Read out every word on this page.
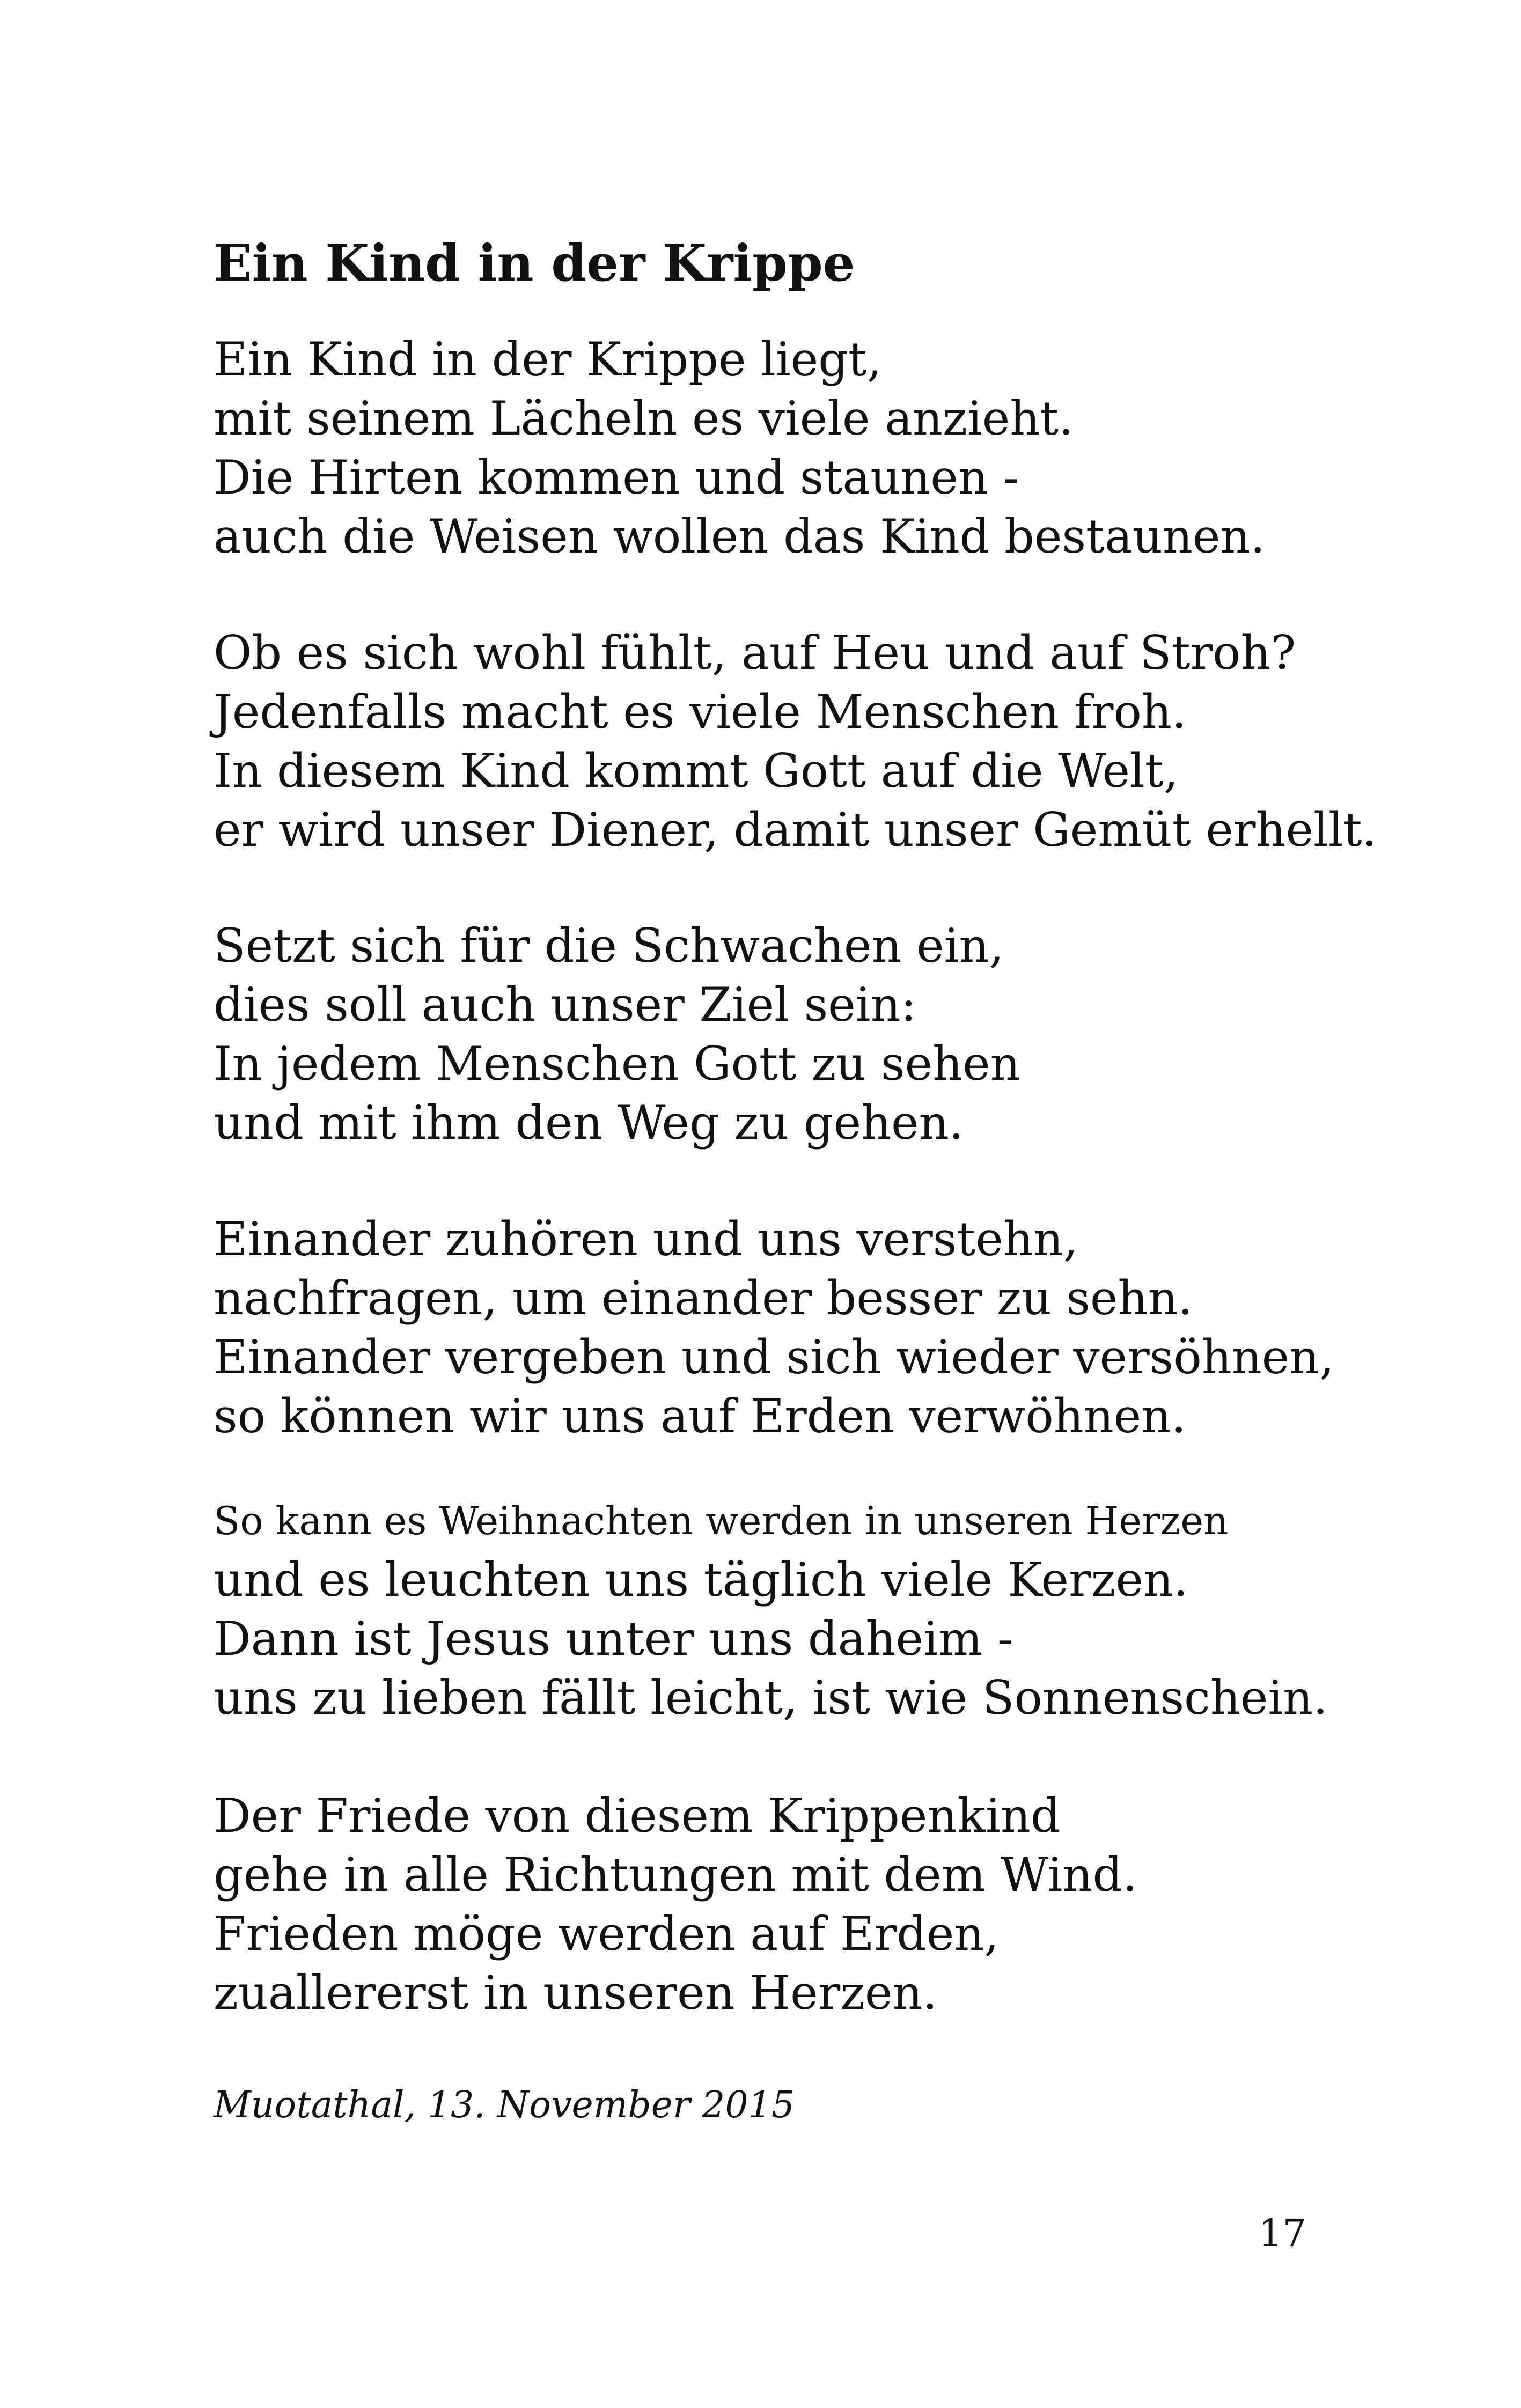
Ein Kind in der Krippe
Ein Kind in der Krippe liegt,
mit seinem Lächeln es viele anzieht.
Die Hirten kommen und staunen -
auch die Weisen wollen das Kind bestaunen.
Ob es sich wohl fühlt, auf Heu und auf Stroh?
Jedenfalls macht es viele Menschen froh.
In diesem Kind kommt Gott auf die Welt,
er wird unser Diener, damit unser Gemüt erhellt.
Setzt sich für die Schwachen ein,
dies soll auch unser Ziel sein:
In jedem Menschen Gott zu sehen
und mit ihm den Weg zu gehen.
Einander zuhören und uns verstehn,
nachfragen, um einander besser zu sehn.
Einander vergeben und sich wieder versöhnen,
so können wir uns auf Erden verwöhnen.
So kann es Weihnachten werden in unseren Herzen
und es leuchten uns täglich viele Kerzen.
Dann ist Jesus unter uns daheim -
uns zu lieben fällt leicht, ist wie Sonnenschein.
Der Friede von diesem Krippenkind
gehe in alle Richtungen mit dem Wind.
Frieden möge werden auf Erden,
zuallererst in unseren Herzen.

Muotathal, 13. November 2015

17
